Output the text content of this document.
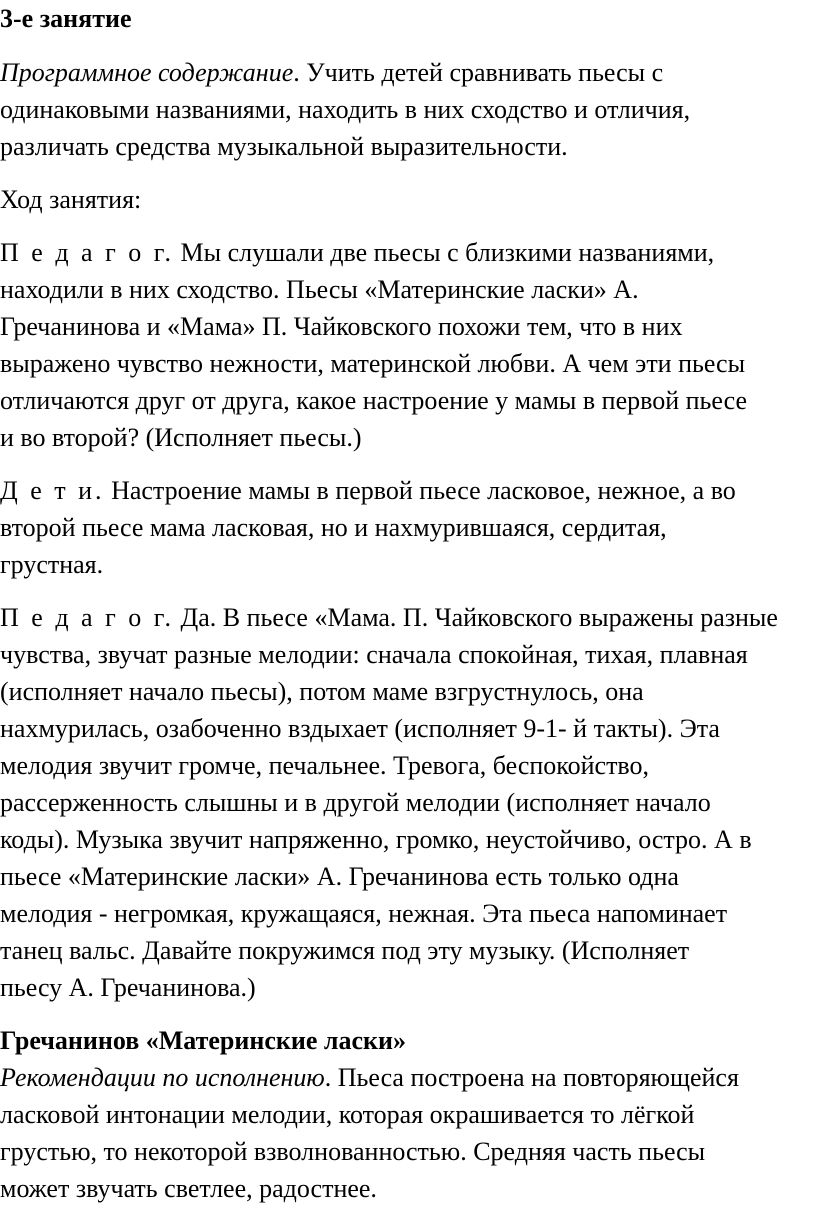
3-е занятие
Программное содержание. Учить детей сравнивать пьесы с
одинаковыми названиями, находить в них сходство и отличия,
различать средства музыкальной выразительности.
Ход занятия:
П е д а г о г. Мы слушали две пьесы с близкими названиями,
находили в них сходство. Пьесы «Материнские ласки» А.
Гречанинова и «Мама» П. Чайковского похожи тем, что в них
выражено чувство нежности, материнской любви. А чем эти пьесы
отличаются друг от друга, какое настроение у мамы в первой пьесе
и во второй? (Исполняет пьесы.)
Д е т и. Настроение мамы в первой пьесе ласковое, нежное, а во
второй пьесе мама ласковая, но и нахмурившаяся, сердитая,
грустная.
П е д а г о г. Да. В пьесе «Мама. П. Чайковского выражены разные
чувства, звучат разные мелодии: сначала спокойная, тихая, плавная
(исполняет начало пьесы), потом маме взгрустнулось, она
нахмурилась, озабоченно вздыхает (исполняет 9-1- й такты). Эта
мелодия звучит громче, печальнее. Тревога, беспокойство,
рассерженность слышны и в другой мелодии (исполняет начало
коды). Музыка звучит напряженно, громко, неустойчиво, остро. А в
пьесе «Материнские ласки» А. Гречанинова есть только одна
мелодия - негромкая, кружащаяся, нежная. Эта пьеса напоминает
танец вальс. Давайте покружимся под эту музыку. (Исполняет
пьесу А. Гречанинова.)
Гречанинов «Материнские ласки»
Рекомендации по исполнению. Пьеса построена на повторяющейся
ласковой интонации мелодии, которая окрашивается то лёгкой
грустью, то некоторой взволнованностью. Средняя часть пьесы
может звучать светлее, радостнее.
